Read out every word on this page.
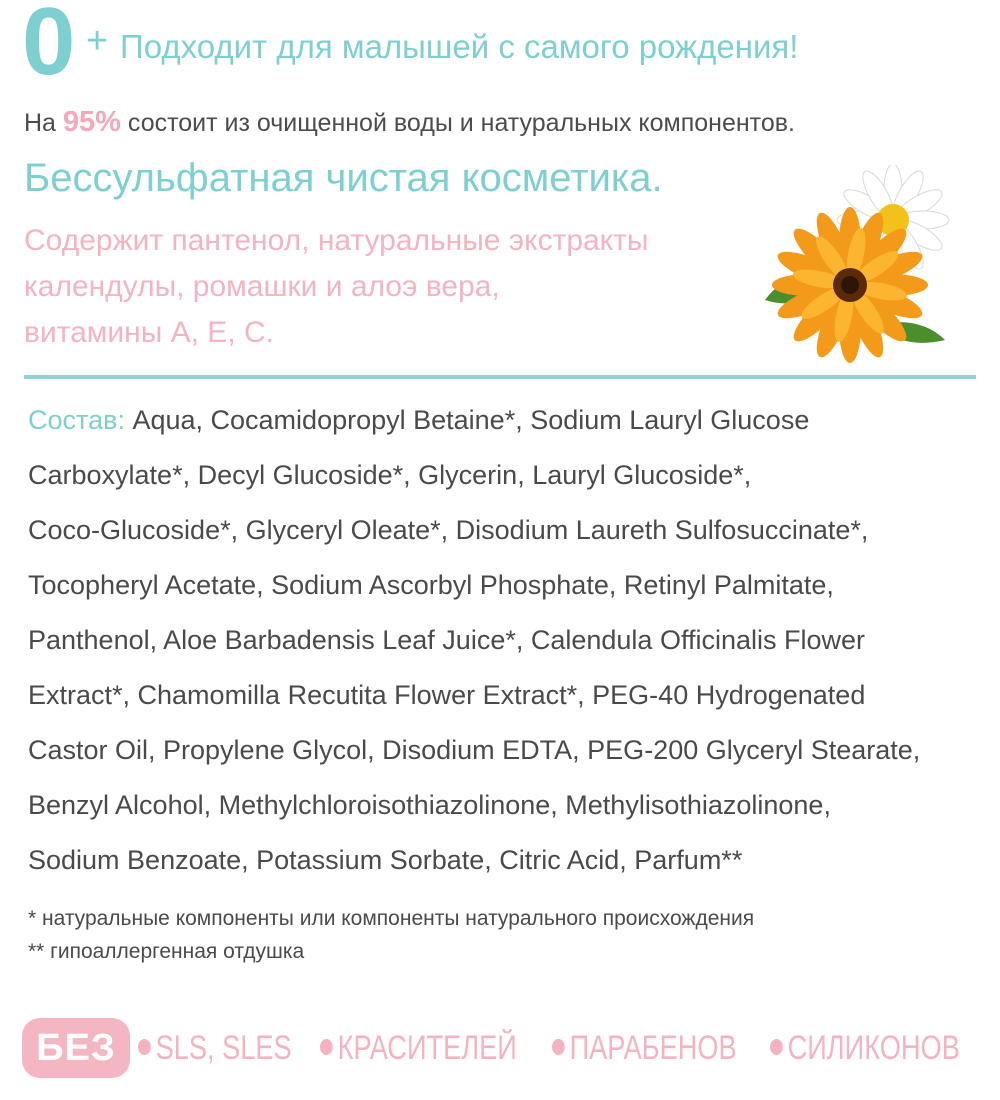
0 + Подходит для малышей с самого рождения!
На 95% состоит из очищенной воды и натуральных компонентов.
Бессульфатная чистая косметика.
Содержит пантенол, натуральные экстракты
календулы, ромашки и алоэ вера,
витамины А, Е, С.
Состав: Aqua, Cocamidopropyl Betaine*, Sodium Lauryl Glucose
Carboxylate*, Decyl Glucoside*, Glycerin, Lauryl Glucoside*,
Coco-Glucoside*, Glyceryl Oleate*, Disodium Laureth Sulfosuccinate*,
Tocopheryl Acetate, Sodium Ascorbyl Phosphate, Retinyl Palmitate,
Panthenol, Aloe Barbadensis Leaf Juice*, Calendula Officinalis Flower
Extract*, Chamomilla Recutita Flower Extract*, PEG-40 Hydrogenated
Castor Oil, Propylene Glycol, Disodium EDTA, PEG-200 Glyceryl Stearate,
Benzyl Alcohol, Methylchloroisothiazolinone, Methylisothiazolinone,
Sodium Benzoate, Potassium Sorbate, Citric Acid, Parfum**
* натуральные компоненты или компоненты натурального происхождения
** гипоаллергенная отдушка
БЕЗ	SLS, SLES	КРАСИТЕЛЕЙ	ПАРАБЕНОВ	СИЛИКОНОВ
